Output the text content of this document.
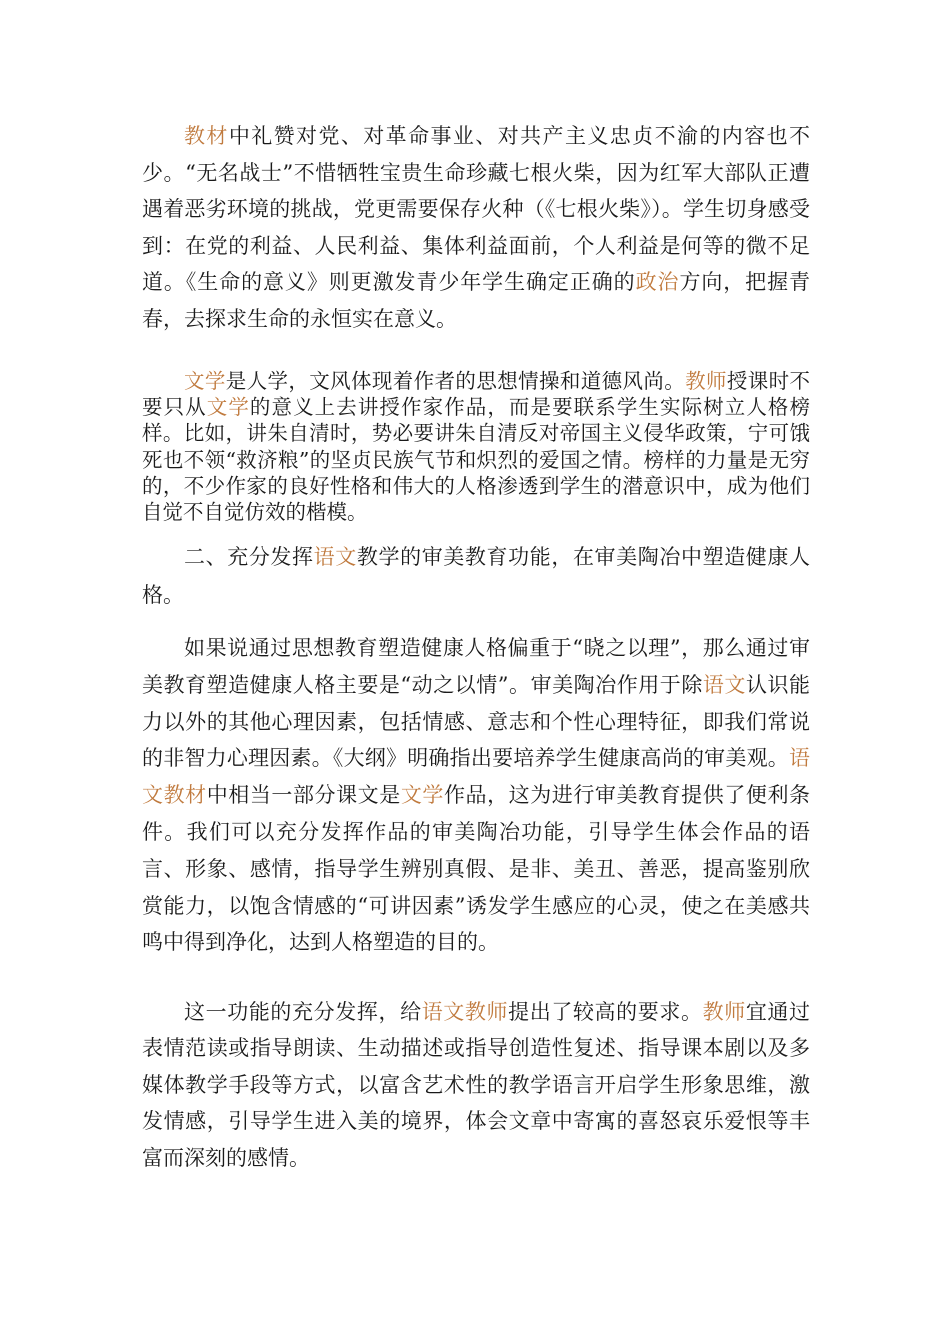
教材中礼赞对党、对革命事业、对共产主义忠贞不渝的内容也不少。“无名战士”不惜牺牲宝贵生命珍藏七根火柴，因为红军大部队正遭遇着恶劣环境的挑战，党更需要保存火种（《七根火柴》）。学生切身感受到：在党的利益、人民利益、集体利益面前，个人利益是何等的微不足道。《生命的意义》则更激发青少年学生确定正确的政治方向，把握青春，去探求生命的永恒实在意义。

文学是人学，文风体现着作者的思想情操和道德风尚。教师授课时不要只从文学的意义上去讲授作家作品，而是要联系学生实际树立人格榜样。比如，讲朱自清时，势必要讲朱自清反对帝国主义侵华政策，宁可饿死也不领“救济粮”的坚贞民族气节和炽烈的爱国之情。榜样的力量是无穷的，不少作家的良好性格和伟大的人格渗透到学生的潜意识中，成为他们自觉不自觉仿效的楷模。

二、充分发挥语文教学的审美教育功能，在审美陶冶中塑造健康人格。

如果说通过思想教育塑造健康人格偏重于“晓之以理”，那么通过审美教育塑造健康人格主要是“动之以情”。审美陶冶作用于除语文认识能力以外的其他心理因素，包括情感、意志和个性心理特征，即我们常说的非智力心理因素。《大纲》明确指出要培养学生健康高尚的审美观。语文教材中相当一部分课文是文学作品，这为进行审美教育提供了便利条件。我们可以充分发挥作品的审美陶冶功能，引导学生体会作品的语言、形象、感情，指导学生辨别真假、是非、美丑、善恶，提高鉴别欣赏能力，以饱含情感的“可讲因素”诱发学生感应的心灵，使之在美感共鸣中得到净化，达到人格塑造的目的。

这一功能的充分发挥，给语文教师提出了较高的要求。教师宜通过表情范读或指导朗读、生动描述或指导创造性复述、指导课本剧以及多媒体教学手段等方式，以富含艺术性的教学语言开启学生形象思维，激发情感，引导学生进入美的境界，体会文章中寄寓的喜怒哀乐爱恨等丰富而深刻的感情。
